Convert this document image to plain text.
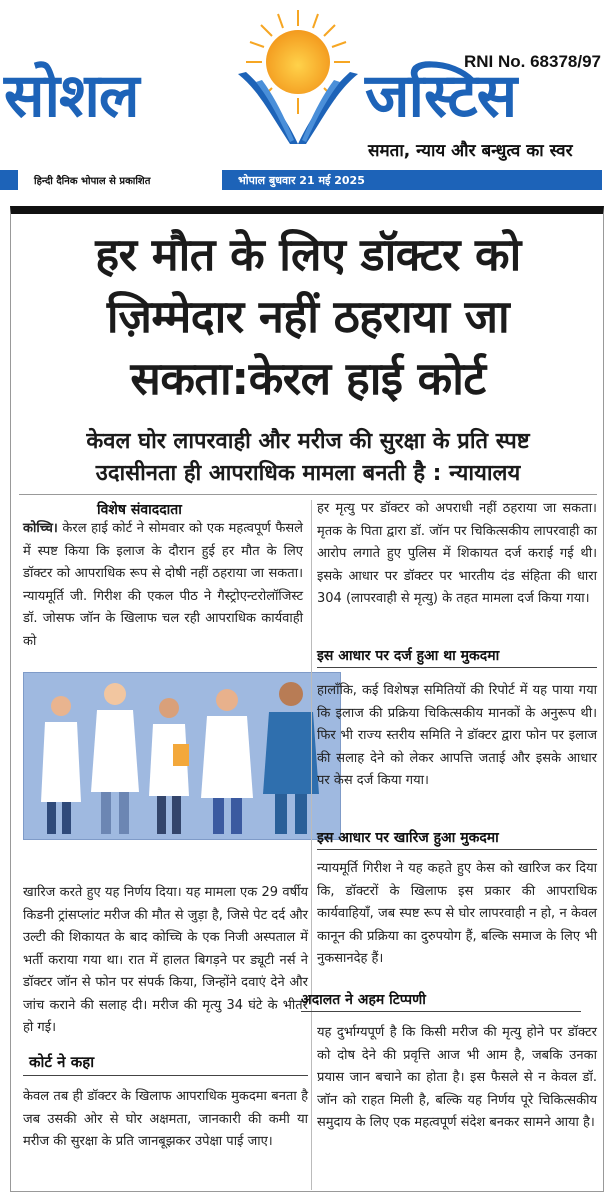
सोशल	जस्टिस
RNI No. 68378/97
समता, न्याय और बन्धुत्व का स्वर
हिन्दी दैनिक भोपाल से प्रकाशित	भोपाल बुधवार 21 मई 2025
हर मौत के लिए डॉक्टर को
ज़िम्मेदार नहीं ठहराया जा
सकता:केरल हाई कोर्ट
केवल घोर लापरवाही और मरीज की सुरक्षा के प्रति स्पष्ट
उदासीनता ही आपराधिक मामला बनती है : न्यायालय
विशेष संवाददाता

कोच्चि। केरल हाई कोर्ट ने सोमवार को एक महत्वपूर्ण फैसले में स्पष्ट किया कि इलाज के दौरान हुई हर मौत के लिए डॉक्टर को आपराधिक रूप से दोषी नहीं ठहराया जा सकता। न्यायमूर्ति जी. गिरीश की एकल पीठ ने गैस्ट्रोएन्टरोलॉजिस्ट डॉ. जोसफ जॉन के खिलाफ चल रही आपराधिक कार्यवाही को

खारिज करते हुए यह निर्णय दिया। यह मामला एक 29 वर्षीय किडनी ट्रांसप्लांट मरीज की मौत से जुड़ा है, जिसे पेट दर्द और उल्टी की शिकायत के बाद कोच्चि के एक निजी अस्पताल में भर्ती कराया गया था। रात में हालत बिगड़ने पर ड्यूटी नर्स ने डॉक्टर जॉन से फोन पर संपर्क किया, जिन्होंने दवाएं देने और जांच कराने की सलाह दी। मरीज की मृत्यु 34 घंटे के भीतर हो गई।

कोर्ट ने कहा

केवल तब ही डॉक्टर के खिलाफ आपराधिक मुकदमा बनता है जब उसकी ओर से घोर अक्षमता, जानकारी की कमी या मरीज की सुरक्षा के प्रति जानबूझकर उपेक्षा पाई जाए।

हर मृत्यु पर डॉक्टर को अपराधी नहीं ठहराया जा सकता। मृतक के पिता द्वारा डॉ. जॉन पर चिकित्सकीय लापरवाही का आरोप लगाते हुए पुलिस में शिकायत दर्ज कराई गई थी। इसके आधार पर डॉक्टर पर भारतीय दंड संहिता की धारा 304 (लापरवाही से मृत्यु) के तहत मामला दर्ज किया गया।

इस आधार पर दर्ज हुआ था मुकदमा

हालाँकि, कई विशेषज्ञ समितियों की रिपोर्ट में यह पाया गया कि इलाज की प्रक्रिया चिकित्सकीय मानकों के अनुरूप थी। फिर भी राज्य स्तरीय समिति ने डॉक्टर द्वारा फोन पर इलाज की सलाह देने को लेकर आपत्ति जताई और इसके आधार पर केस दर्ज किया गया।

इस आधार पर खारिज हुआ मुकदमा

न्यायमूर्ति गिरीश ने यह कहते हुए केस को खारिज कर दिया कि, डॉक्टरों के खिलाफ इस प्रकार की आपराधिक कार्यवाहियाँ, जब स्पष्ट रूप से घोर लापरवाही न हो, न केवल कानून की प्रक्रिया का दुरुपयोग हैं, बल्कि समाज के लिए भी नुकसानदेह हैं।

अदालत ने अहम टिप्पणी

यह दुर्भाग्यपूर्ण है कि किसी मरीज की मृत्यु होने पर डॉक्टर को दोष देने की प्रवृत्ति आज भी आम है, जबकि उनका प्रयास जान बचाने का होता है। इस फैसले से न केवल डॉ. जॉन को राहत मिली है, बल्कि यह निर्णय पूरे चिकित्सकीय समुदाय के लिए एक महत्वपूर्ण संदेश बनकर सामने आया है।
